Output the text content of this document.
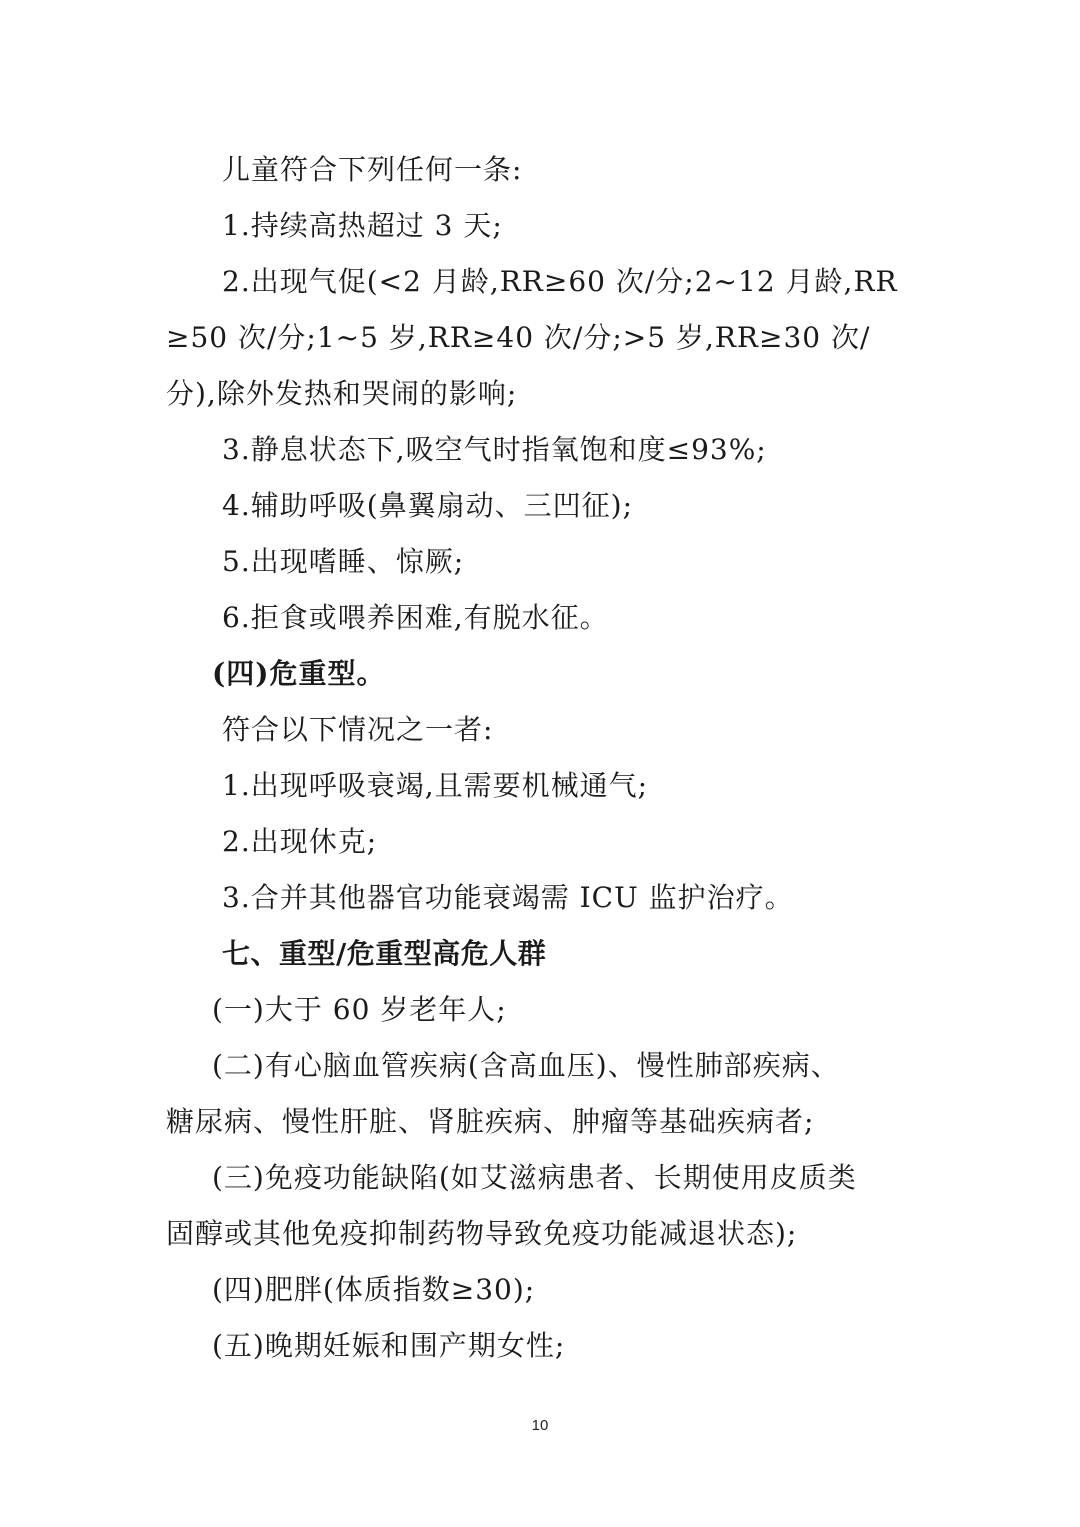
儿童符合下列任何一条:
1.持续高热超过 3 天;
2.出现气促(<2 月龄,RR≥60 次/分;2~12 月龄,RR
≥50 次/分;1~5 岁,RR≥40 次/分;>5 岁,RR≥30 次/
分),除外发热和哭闹的影响;
3.静息状态下,吸空气时指氧饱和度≤93%;
4.辅助呼吸(鼻翼扇动、三凹征);
5.出现嗜睡、惊厥;
6.拒食或喂养困难,有脱水征。
(四)危重型。
符合以下情况之一者:
1.出现呼吸衰竭,且需要机械通气;
2.出现休克;
3.合并其他器官功能衰竭需 ICU 监护治疗。
七、重型/危重型高危人群
(一)大于 60 岁老年人;
(二)有心脑血管疾病(含高血压)、慢性肺部疾病、
糖尿病、慢性肝脏、肾脏疾病、肿瘤等基础疾病者;
(三)免疫功能缺陷(如艾滋病患者、长期使用皮质类
固醇或其他免疫抑制药物导致免疫功能减退状态);
(四)肥胖(体质指数≥30);
(五)晚期妊娠和围产期女性;
10
